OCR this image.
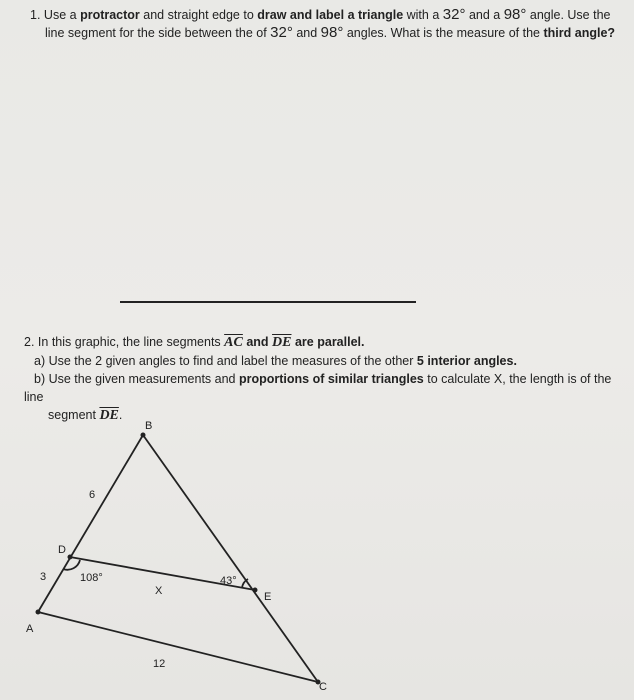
1. Use a protractor and straight edge to draw and label a triangle with a 32° and a 98° angle. Use the
line segment for the side between the of 32° and 98° angles. What is the measure of the third angle?
2. In this graphic, the line segments $\overline{AC}$ and $\overline{DE}$ are parallel.
a) Use the 2 given angles to find and label the measures of the other 5 interior angles.
b) Use the given measurements and proportions of similar triangles to calculate X, the length is of the line
segment $\overline{DE}$.
B
6
D
3	108°
X
43°
E
A
12
C
